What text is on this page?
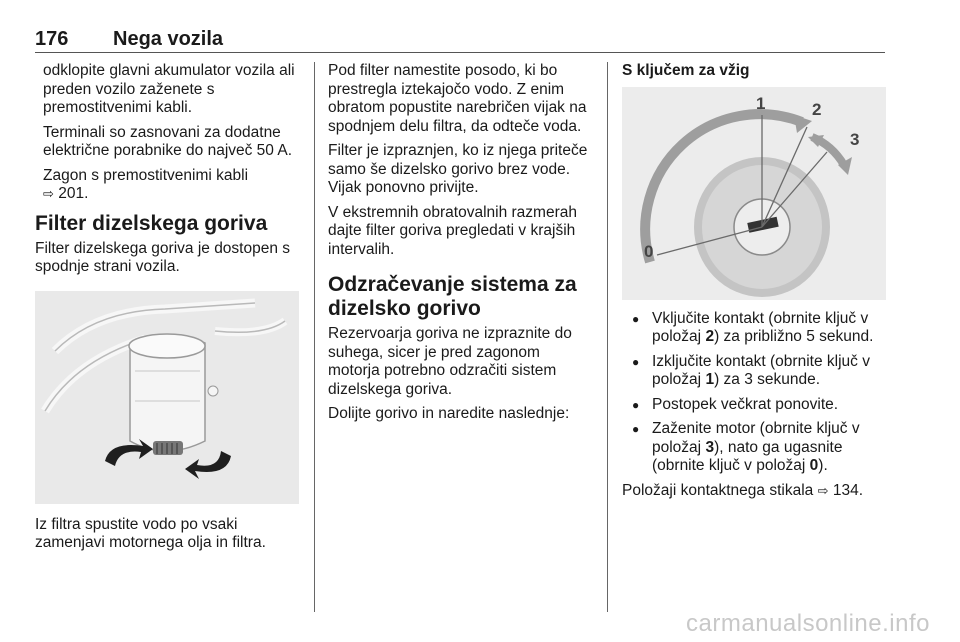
176 Nega vozila

odklopite glavni akumulator vozila ali preden vozilo zaženete s premostitvenimi kabli.

Terminali so zasnovani za dodatne električne porabnike do največ 50 A.

Zagon s premostitvenimi kabli
⇨ 201.

Filter dizelskega goriva

Filter dizelskega goriva je dostopen s spodnje strani vozila.

Iz filtra spustite vodo po vsaki zamenjavi motornega olja in filtra.

Pod filter namestite posodo, ki bo prestregla iztekajočo vodo. Z enim obratom popustite narebričen vijak na spodnjem delu filtra, da odteče voda.

Filter je izpraznjen, ko iz njega priteče samo še dizelsko gorivo brez vode. Vijak ponovno privijte.

V ekstremnih obratovalnih razmerah dajte filter goriva pregledati v krajših intervalih.

Odzračevanje sistema za dizelsko gorivo

Rezervoarja goriva ne izpraznite do suhega, sicer je pred zagonom motorja potrebno odzračiti sistem dizelskega goriva.

Dolijte gorivo in naredite naslednje:

S ključem za vžig

0
1	2
3
● Vključite kontakt (obrnite ključ v položaj 2) za približno 5 sekund.
● Izključite kontakt (obrnite ključ v položaj 1) za 3 sekunde.
● Postopek večkrat ponovite.
● Zaženite motor (obrnite ključ v položaj 3), nato ga ugasnite (obrnite ključ v položaj 0).

Položaji kontaktnega stikala ⇨ 134.

carmanualsonline.info
